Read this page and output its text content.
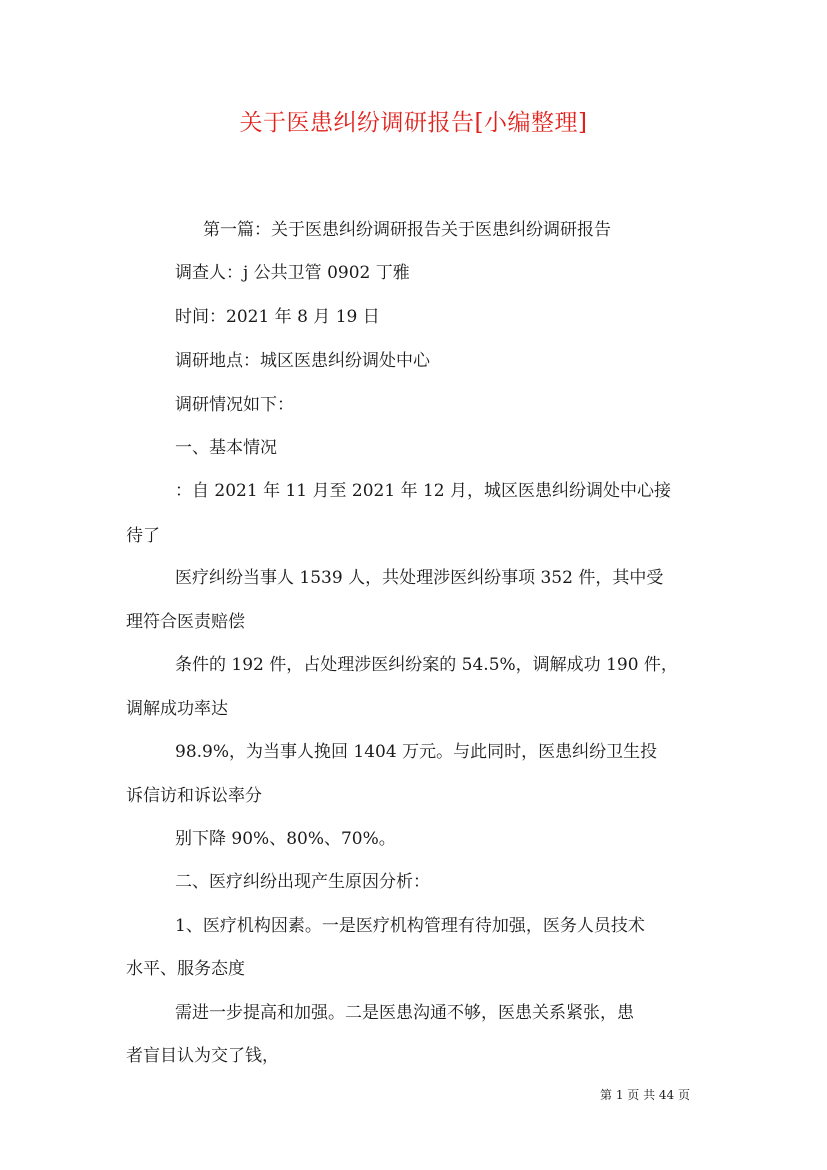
关于医患纠纷调研报告[小编整理]
第一篇：关于医患纠纷调研报告关于医患纠纷调研报告
调查人：j 公共卫管 0902 丁雅
时间：2021 年 8 月 19 日
调研地点：城区医患纠纷调处中心
调研情况如下：
一、基本情况
：自 2021 年 11 月至 2021 年 12 月，城区医患纠纷调处中心接
待了
医疗纠纷当事人 1539 人，共处理涉医纠纷事项 352 件，其中受
理符合医责赔偿
条件的 192 件，占处理涉医纠纷案的 54.5%，调解成功 190 件，
调解成功率达
98.9%，为当事人挽回 1404 万元。与此同时，医患纠纷卫生投
诉信访和诉讼率分
别下降 90%、80%、70%。
二、医疗纠纷出现产生原因分析：
1、医疗机构因素。一是医疗机构管理有待加强，医务人员技术
水平、服务态度
需进一步提高和加强。二是医患沟通不够，医患关系紧张，患
者盲目认为交了钱，
第 1 页 共 44 页
